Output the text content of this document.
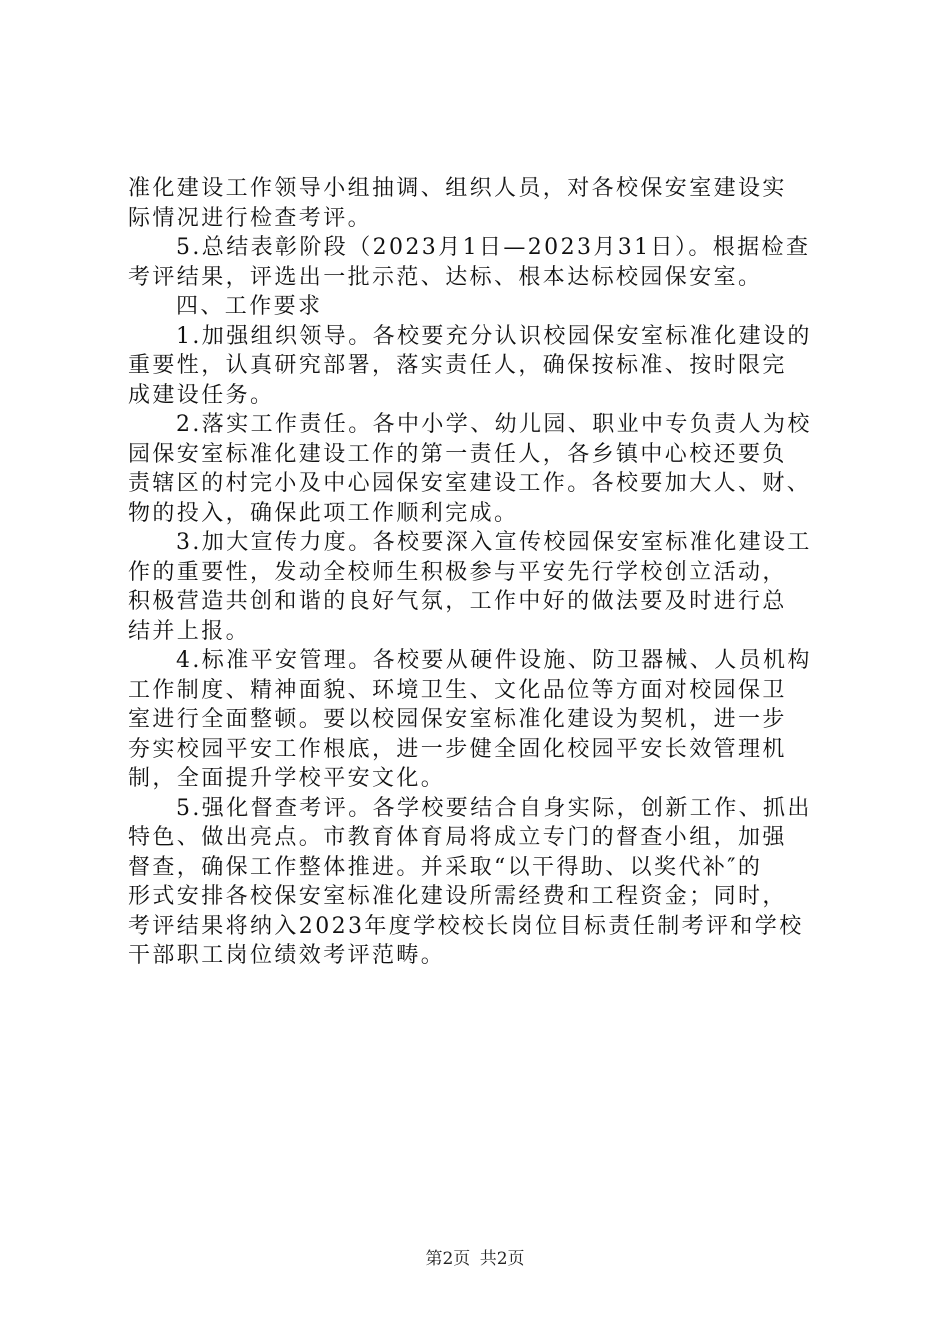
准化建设工作领导小组抽调、组织人员，对各校保安室建设实
际情况进行检查考评。
5.总结表彰阶段（2023月1日—2023月31日）。根据检查
考评结果，评选出一批示范、达标、根本达标校园保安室。
四、工作要求
1.加强组织领导。各校要充分认识校园保安室标准化建设的
重要性，认真研究部署，落实责任人，确保按标准、按时限完
成建设任务。
2.落实工作责任。各中小学、幼儿园、职业中专负责人为校
园保安室标准化建设工作的第一责任人，各乡镇中心校还要负
责辖区的村完小及中心园保安室建设工作。各校要加大人、财、
物的投入，确保此项工作顺利完成。
3.加大宣传力度。各校要深入宣传校园保安室标准化建设工
作的重要性，发动全校师生积极参与平安先行学校创立活动，
积极营造共创和谐的良好气氛，工作中好的做法要及时进行总
结并上报。
4.标准平安管理。各校要从硬件设施、防卫器械、人员机构
工作制度、精神面貌、环境卫生、文化品位等方面对校园保卫
室进行全面整顿。要以校园保安室标准化建设为契机，进一步
夯实校园平安工作根底，进一步健全固化校园平安长效管理机
制，全面提升学校平安文化。
5.强化督查考评。各学校要结合自身实际，创新工作、抓出
特色、做出亮点。市教育体育局将成立专门的督查小组，加强
督查，确保工作整体推进。并采取“以干得助、以奖代补″的
形式安排各校保安室标准化建设所需经费和工程资金；同时，
考评结果将纳入2023年度学校校长岗位目标责任制考评和学校
干部职工岗位绩效考评范畴。
第2页 共2页
